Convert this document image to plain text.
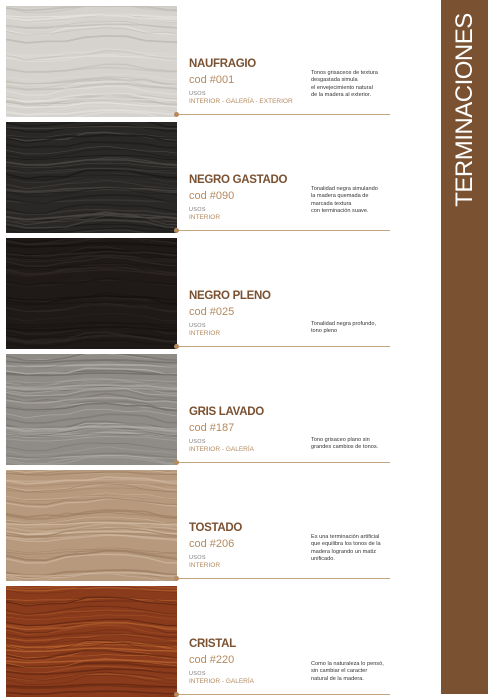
TERMINACIONES
NAUFRAGIO
cod #001
USOS
INTERIOR - GALERÍA - EXTERIOR
Tonos grisaceos de textura
desgastada simula
el envejecimiento natural
de la madera al exterior.
NEGRO GASTADO
cod #090
USOS
INTERIOR
Tonalidad negra simulando
la madera quemada de
marcada textura
con terminación suave.
NEGRO PLENO
cod #025
USOS
INTERIOR
Tonalidad negra profundo,
tono pleno
GRIS LAVADO
cod #187
USOS
INTERIOR - GALERÍA
Tono grisaceo plano sin
grandes cambios de tonos.
TOSTADO
cod #206
USOS
INTERIOR
Es una terminación artificial
que equilibra los tonos de la
madera logrando un matiz
unificado.
CRISTAL
cod #220
USOS
INTERIOR - GALERÍA
Como la naturaleza lo pensó,
sin cambiar el caracter
natural de la madera.
